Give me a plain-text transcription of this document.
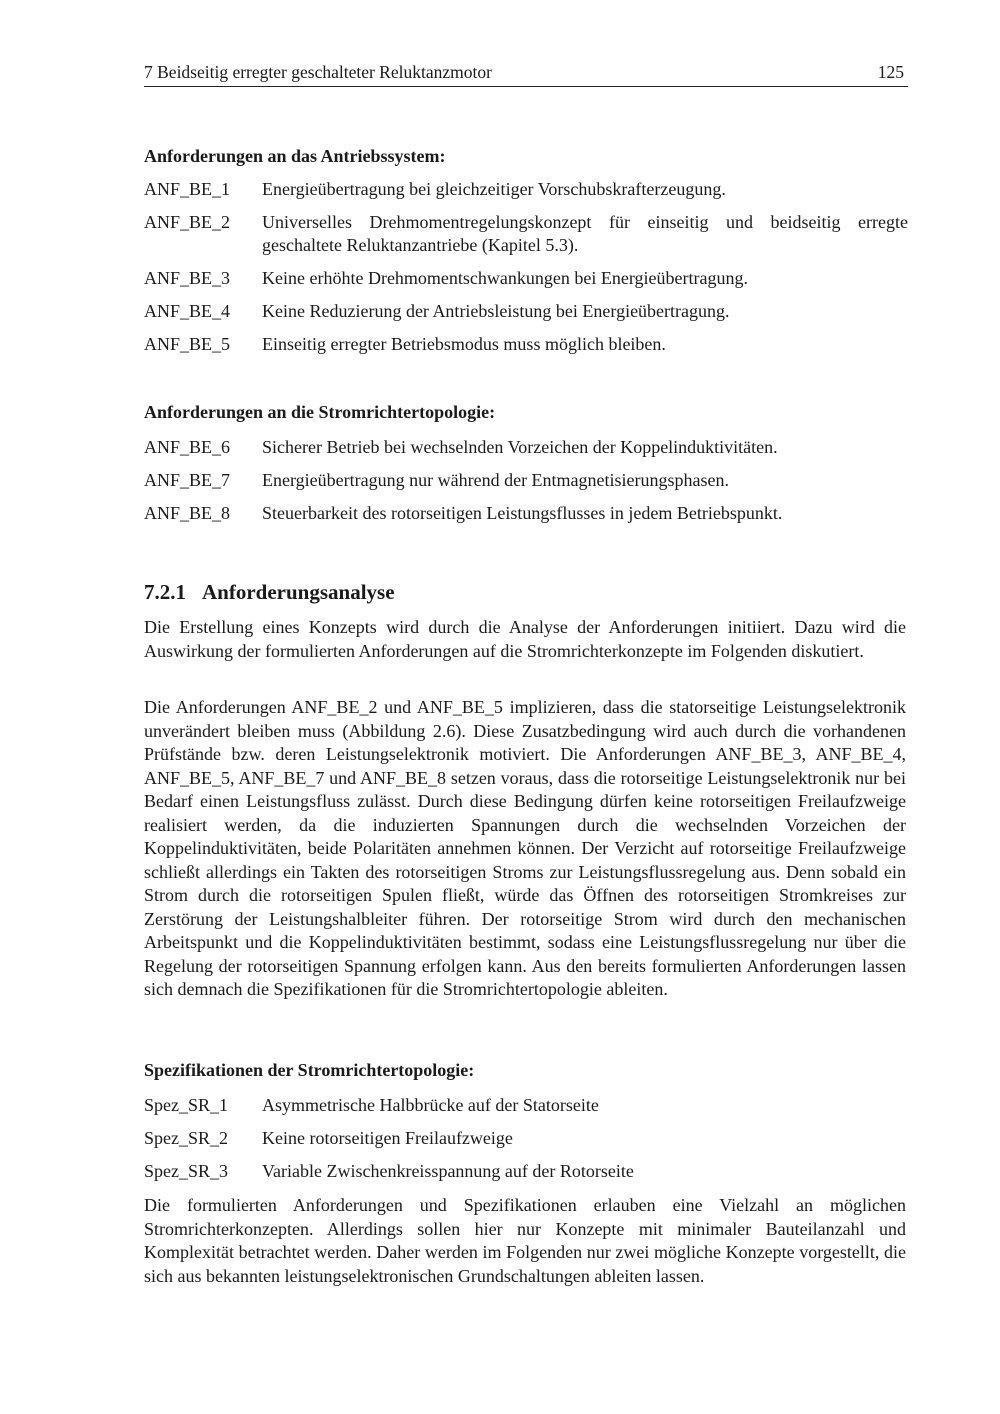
7 Beidseitig erregter geschalteter Reluktanzmotor	125
Anforderungen an das Antriebssystem:
ANF_BE_1	Energieübertragung bei gleichzeitiger Vorschubskrafterzeugung.
ANF_BE_2	Universelles Drehmomentregelungskonzept für einseitig und beidseitig erregte geschaltete Reluktanzantriebe (Kapitel 5.3).
ANF_BE_3	Keine erhöhte Drehmomentschwankungen bei Energieübertragung.
ANF_BE_4	Keine Reduzierung der Antriebsleistung bei Energieübertragung.
ANF_BE_5	Einseitig erregter Betriebsmodus muss möglich bleiben.
Anforderungen an die Stromrichtertopologie:
ANF_BE_6	Sicherer Betrieb bei wechselnden Vorzeichen der Koppelinduktivitäten.
ANF_BE_7	Energieübertragung nur während der Entmagnetisierungsphasen.
ANF_BE_8	Steuerbarkeit des rotorseitigen Leistungsflusses in jedem Betriebspunkt.
7.2.1 Anforderungsanalyse

Die Erstellung eines Konzepts wird durch die Analyse der Anforderungen initiiert. Dazu wird die Auswirkung der formulierten Anforderungen auf die Stromrichterkonzepte im Folgenden diskutiert.

Die Anforderungen ANF_BE_2 und ANF_BE_5 implizieren, dass die statorseitige Leistungselektronik unverändert bleiben muss (Abbildung 2.6). Diese Zusatzbedingung wird auch durch die vorhandenen Prüfstände bzw. deren Leistungselektronik motiviert. Die Anforderungen ANF_BE_3, ANF_BE_4, ANF_BE_5, ANF_BE_7 und ANF_BE_8 setzen voraus, dass die rotorseitige Leistungselektronik nur bei Bedarf einen Leistungsfluss zulässt. Durch diese Bedingung dürfen keine rotorseitigen Freilaufzweige realisiert werden, da die induzierten Spannungen durch die wechselnden Vorzeichen der Koppelinduktivitäten, beide Polaritäten annehmen können. Der Verzicht auf rotorseitige Freilaufzweige schließt allerdings ein Takten des rotorseitigen Stroms zur Leistungsflussregelung aus. Denn sobald ein Strom durch die rotorseitigen Spulen fließt, würde das Öffnen des rotorseitigen Stromkreises zur Zerstörung der Leistungshalbleiter führen. Der rotorseitige Strom wird durch den mechanischen Arbeitspunkt und die Koppelinduktivitäten bestimmt, sodass eine Leistungsflussregelung nur über die Regelung der rotorseitigen Spannung erfolgen kann. Aus den bereits formulierten Anforderungen lassen sich demnach die Spezifikationen für die Stromrichtertopologie ableiten.

Spezifikationen der Stromrichtertopologie:
Spez_SR_1	Asymmetrische Halbbrücke auf der Statorseite
Spez_SR_2	Keine rotorseitigen Freilaufzweige
Spez_SR_3	Variable Zwischenkreisspannung auf der Rotorseite

Die formulierten Anforderungen und Spezifikationen erlauben eine Vielzahl an möglichen Stromrichterkonzepten. Allerdings sollen hier nur Konzepte mit minimaler Bauteilanzahl und Komplexität betrachtet werden. Daher werden im Folgenden nur zwei mögliche Konzepte vorgestellt, die sich aus bekannten leistungselektronischen Grundschaltungen ableiten lassen.
